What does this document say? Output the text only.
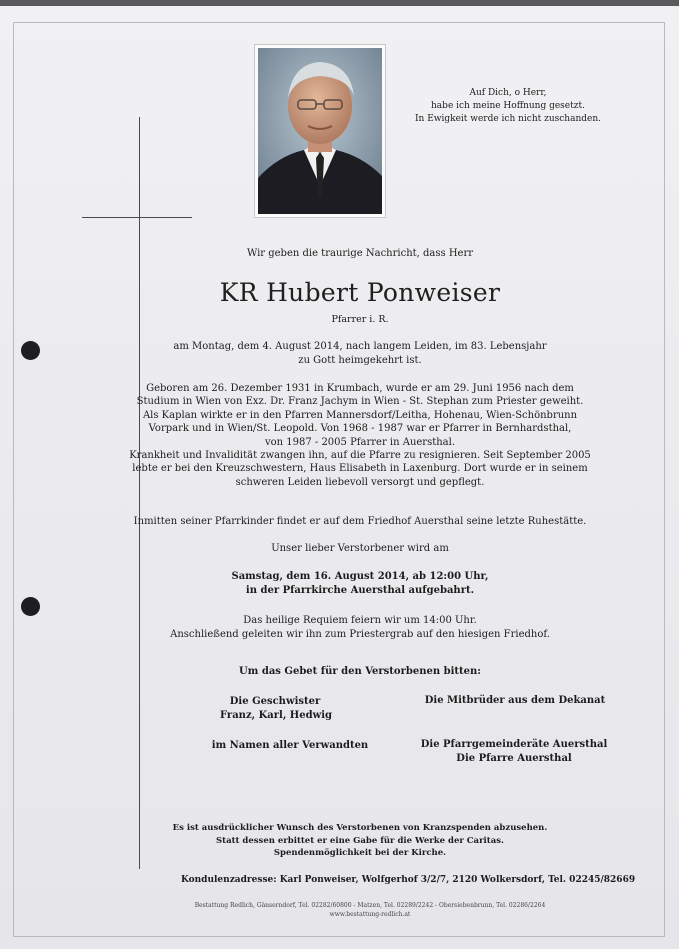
Auf Dich, o Herr,
habe ich meine Hoffnung gesetzt.
In Ewigkeit werde ich nicht zuschanden.
Wir geben die traurige Nachricht, dass Herr
KR Hubert Ponweiser
Pfarrer i. R.
am Montag, dem 4. August 2014, nach langem Leiden, im 83. Lebensjahr
zu Gott heimgekehrt ist.
Geboren am 26. Dezember 1931 in Krumbach, wurde er am 29. Juni 1956 nach dem
Studium in Wien von Exz. Dr. Franz Jachym in Wien - St. Stephan zum Priester geweiht.
Als Kaplan wirkte er in den Pfarren Mannersdorf/Leitha, Hohenau, Wien-Schönbrunn
Vorpark und in Wien/St. Leopold. Von 1968 - 1987 war er Pfarrer in Bernhardsthal,
von 1987 - 2005 Pfarrer in Auersthal.
Krankheit und Invalidität zwangen ihn, auf die Pfarre zu resignieren. Seit September 2005
lebte er bei den Kreuzschwestern, Haus Elisabeth in Laxenburg. Dort wurde er in seinem
schweren Leiden liebevoll versorgt und gepflegt.
Inmitten seiner Pfarrkinder findet er auf dem Friedhof Auersthal seine letzte Ruhestätte.
Unser lieber Verstorbener wird am
Samstag, dem 16. August 2014, ab 12:00 Uhr,
in der Pfarrkirche Auersthal aufgebahrt.
Das heilige Requiem feiern wir um 14:00 Uhr.
Anschließend geleiten wir ihn zum Priestergrab auf den hiesigen Friedhof.
Um das Gebet für den Verstorbenen bitten:
Die Geschwister
Franz, Karl, Hedwig
Die Mitbrüder aus dem Dekanat
im Namen aller Verwandten	Die Pfarrgemeinderäte Auersthal
Die Pfarre Auersthal
Es ist ausdrücklicher Wunsch des Verstorbenen von Kranzspenden abzusehen.
Statt dessen erbittet er eine Gabe für die Werke der Caritas.
Spendenmöglichkeit bei der Kirche.
Kondulenzadresse: Karl Ponweiser, Wolfgerhof 3/2/7, 2120 Wolkersdorf, Tel. 02245/82669
Bestattung Redlich, Gänserndorf, Tel. 02282/60800 - Matzen, Tel. 02289/2242 - Obersiebenbrunn, Tel. 02286/2264
www.bestattung-redlich.at
